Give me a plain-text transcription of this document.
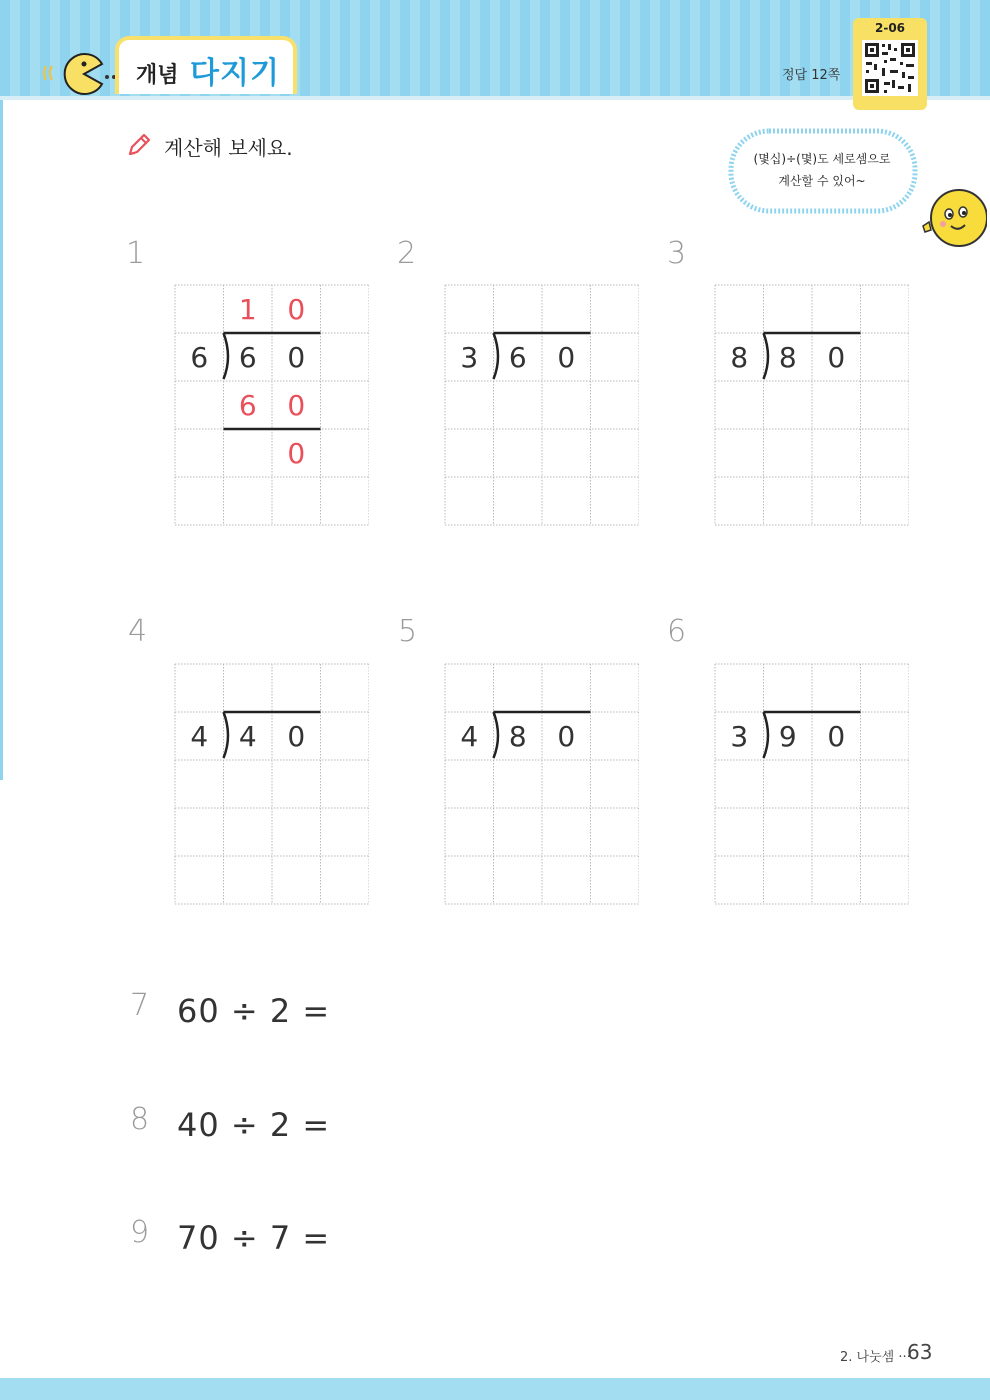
개념 다지기	정답 12쪽
2-06
계산해 보세요.	(몇십)÷(몇)도 세로셈으로
계산할 수 있어~
1	2	3
4	5	6
6 6 0
1 0
6 0
0
3 6 0	8 8 0
4 4 0	4 8 0	3 9 0
7 60 ÷ 2 =
8 40 ÷ 2 =
9 70 ÷ 7 =
2. 나눗셈 ···
63
